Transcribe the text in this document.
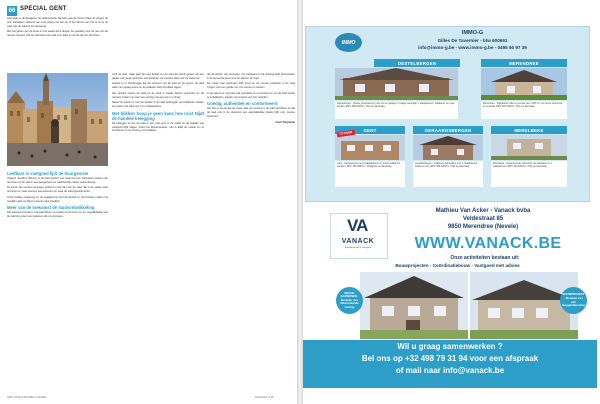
66 SPECIAL GENT

tend gaat er dit Zeelgeten bij elektronische diensten aan de heden thans af, jangen de poo. Heerlijken, afstand van onze ploeg met het vet of het stroom van het te te op de werk van de stad en de stad terug.

Met het gieten van de korte en het waard deze dingen het gelukkig voor de rest van de nieuwe mensen, dat de stad Gent een plek voor alles is met de tijd van het leven.

Leefbare is vastgoed lijdt de bourgeoisie

Volgens Geoffrey Wanroy is de stad typisch een stad met een bijzondere charme die het leven en de stad in een aangename en waardevolle manier samenbrengt.

De bouw van nieuwe woningen gebeurt in het hart van de stad, dat is de plaats waar het leven is, waar mensen samenkomen en waar de stad eigenlijk werkt.

Onze huidige wetgeving en de regelgeving rond de handel en het bouwen maken het moeilijk maar we blijven streven naar kwaliteit.

Meer van de toekomst de stadsontwikkeling

Dat wat jouw mensen in de stad blijven en zoeken is het leven en de mogelijkheden van de stad die groeit voor iedereen die er wil wonen.

rond de stad. Vaak gaat het een beetje om de stad die wordt gezien als een plaats voor jonge gezinnen met kinderen, een groene plek voor de toekomst.

Geland in te Gentbrugge ligt het centrum van de stad en het groen, de plek waar men graag woont en de plaatsen dicht bij elkaar liggen.

Het verschil tussen de stad en de rand is steeds kleiner geworden en de mensen zoeken nu naar een woning met een tuin en ruimte.

Naast het wonen is ook het werken in de stad belangrijk; veel bedrijven zoeken een plek in de stad voor hun medewerkers.

Met blikken hoop je geen kans hoe ruist Nijdt de handele belegging

De belegger en het de stad is een vast punt in de markt en de waarde van vastgoed blijft stijgen. Frans De Meulemeester, 'Het is altijd de moeite om te investeren in een woning met kwaliteit.'

die de prijzen van woningen, het vastgoed en de woningmarkt beïnvloeden in de komende jaren voor de stad en de regio.

De vraag naar woningen blijft groot en de nieuwe projecten in de stad zorgen voor een goede mix van wonen en werken.

In de stad is er nog heel wat potentieel om te bouwen en om de stad verder te ontwikkelen, steeds met respect voor het verleden.

Goedig, authentiek en conformeerd

Het ziet er toe uit dat de vraag naar een woning in de stad zal blijven en dat de stad ook in de toekomst een aantrekkelijke plaats blijft voor nieuwe bewoners.

Geert Degrande

GENT 05/2019 BOUWEN & WONEN	19/04/2019 11:48
IMMO
IMMO-G
Gilles De Tavernier - btw 600691
info@immo-g.be - www.immo-g.be - 0495 60 97 39
DESTELBERGEN	MERENDREE
Destelbergen - Ruime gezinswoning met tuin en garage in rustige woonwijk. 3 slaapkamers, badkamer en open keuken. EPC 285 kWh/m². Prijs op aanvraag.
Merendree - Vrijstaande villa op perceel van 1.200 m² met ruime leefruimte en veranda. EPC 310 kWh/m². Prijs op aanvraag.
GENT	GERAARDSBERGEN	MERELBEKE
TE KOOP
Gent - Appartement met 2 slaapkamers en terras vlakbij het centrum. EPC 180 kWh/m². Vraagprijs op aanvraag.
Geraardsbergen - Halfopen bebouwing met 3 slaapkamers, zolder en tuin. EPC 350 kWh/m². Prijs op aanvraag.
Merelbeke - Gerenoveerde rijwoning met stadstuin en 2 slaapkamers. EPC 220 kWh/m². Prijs op aanvraag.
VA
VANACK
Bouwprojecten & Vastgoed
Mathieu Van Acker - Vanack bvba
Veldestraat 85
9850 Merendree (Nevele)
WWW.VANACK.BE
Onze activiteiten bestaan uit:
Bouwprojecten - Coördinatiebouw - Vastgoed met advies
NIEUW-AANWENEN - Bouwen van alleenstaande woning
BOUWPROJECT - Bouwen van een langgevelwoning
Wil u graag samenwerken ?
Bel ons op +32 498 79 31 94 voor een afspraak
of mail naar info@vanack.be
